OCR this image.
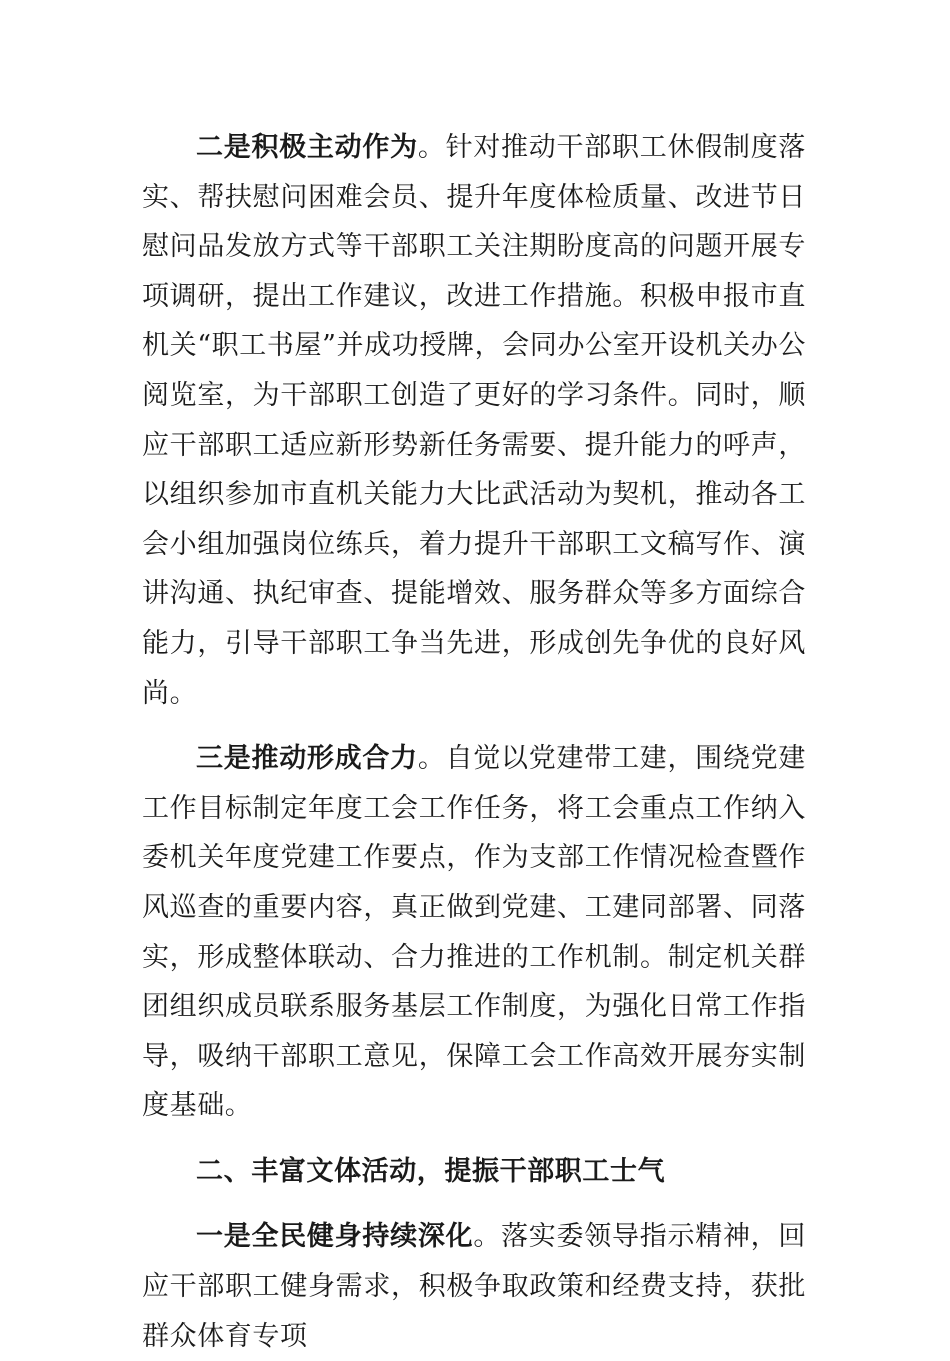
二是积极主动作为。针对推动干部职工休假制度落实、帮扶慰问困难会员、提升年度体检质量、改进节日慰问品发放方式等干部职工关注期盼度高的问题开展专项调研，提出工作建议，改进工作措施。积极申报市直机关“职工书屋”并成功授牌，会同办公室开设机关办公阅览室，为干部职工创造了更好的学习条件。同时，顺应干部职工适应新形势新任务需要、提升能力的呼声，以组织参加市直机关能力大比武活动为契机，推动各工会小组加强岗位练兵，着力提升干部职工文稿写作、演讲沟通、执纪审查、提能增效、服务群众等多方面综合能力，引导干部职工争当先进，形成创先争优的良好风尚。

三是推动形成合力。自觉以党建带工建，围绕党建工作目标制定年度工会工作任务，将工会重点工作纳入委机关年度党建工作要点，作为支部工作情况检查暨作风巡查的重要内容，真正做到党建、工建同部署、同落实，形成整体联动、合力推进的工作机制。制定机关群团组织成员联系服务基层工作制度，为强化日常工作指导，吸纳干部职工意见，保障工会工作高效开展夯实制度基础。

二、丰富文体活动，提振干部职工士气

一是全民健身持续深化。落实委领导指示精神，回应干部职工健身需求，积极争取政策和经费支持，获批群众体育专项
